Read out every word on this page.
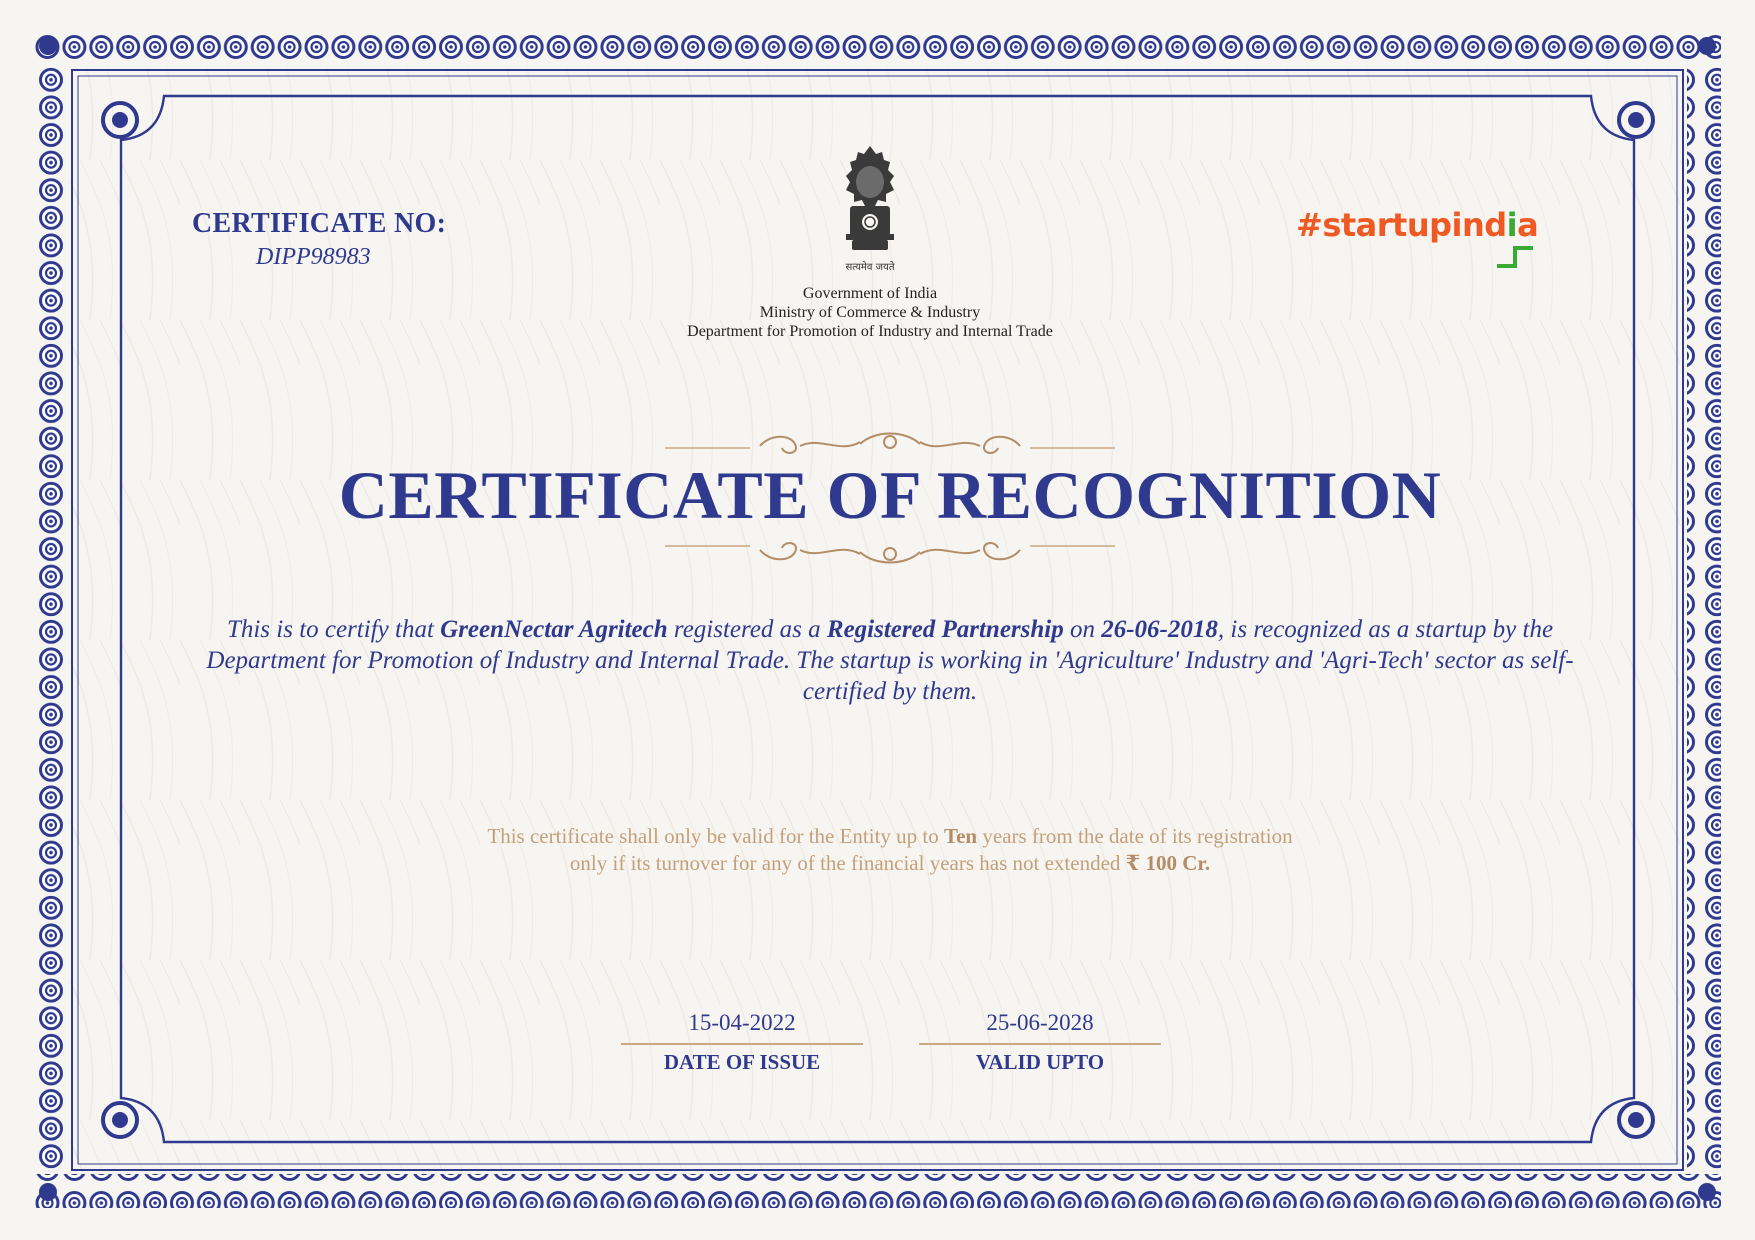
CERTIFICATE NO:
DIPP98983	सत्यमेव जयते
Government of India
Ministry of Commerce & Industry
Department for Promotion of Industry and Internal Trade
#startupindia
CERTIFICATE OF RECOGNITION
This is to certify that GreenNectar Agritech registered as a Registered Partnership on 26-06-2018, is recognized as a startup by the Department for Promotion of Industry and Internal Trade. The startup is working in 'Agriculture' Industry and 'Agri-Tech' sector as self-certified by them.
This certificate shall only be valid for the Entity up to Ten years from the date of its registration
only if its turnover for any of the financial years has not extended ₹ 100 Cr.
15-04-2022
DATE OF ISSUE
25-06-2028
VALID UPTO
